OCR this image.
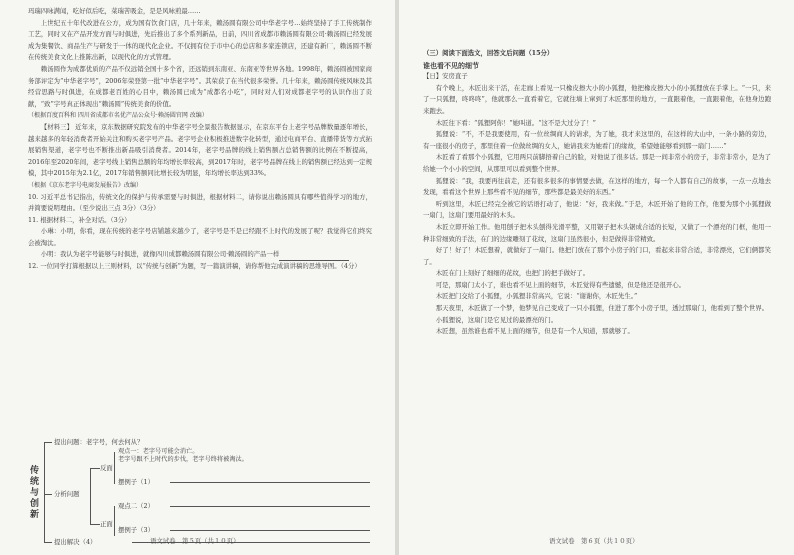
玛瑞四咏满闻，吃好似后吃，菜瑞苦吸金，是是风咏煎最……

上世纪五十年代改进在公方，成为国有饮食门店，几十年来，赖汤圆有限公司中华老字号…始终坚持了手工传统制作工艺，同时又在产品开发方面与时俱进，先后推出了多个系列新品，日前，四川省成都市赖汤圆有限公司·赖汤圆已经发展成为集餐饮、商品生产与研发于一体的现代化企业。不仅拥有位于市中心的总店和多家连锁店，还建有新厂，赖汤圆不断在传统美食文化上推陈出新，以现代化的方式管理。

赖汤圆作为成都优质的产品不仅远销全国十多个省，还远销到东南亚、东南亚等世界各地。1998年，赖汤圆被国家商务部评定为“中华老字号”，2006年荣登第一批“中华老字号”。其荣获了在当代很多荣誉。几十年来，赖汤圆传统风味及其经营思路与时俱进，在成都老百姓的心目中，赖汤圆已成为“成都名小吃”，同时对人们对成都老字号的认识作出了贡献，“致”字号真正体现出“赖汤圆”传统美食的价值。

（根据百度百科和 四川省成都市名优产品公众号·赖汤圆官网 改编）

【材料三】 近年来，京东数据研究院发布的中华老字号全景报告数据显示，在京东平台上老字号品牌数量逐年增长，越来越多的年轻消费者开始关注和购买老字号产品。老字号企业积极推进数字化转型，通过电商平台、直播带货等方式拓展销售渠道，老字号也不断推出新品吸引消费者。2014年，老字号品牌的线上销售额占总销售额的比例在不断提高，2016年至2020年间，老字号线上销售总额的年均增长率较高，到2017年时，老字号品牌在线上的销售额已经达到一定规模，其中2015年为2.1亿，2017年销售额同比增长较为明显，年均增长率达到33%。

（根据《京东老字号电商发展报告》改编）

10. 习近平总书记指出，传统文化的保护与传承需要与时俱进，根据材料二，请你说出赖汤圆具有哪些值得学习的地方，并简要说明理由。（至少说出三点 3分）（3分）

11. 根据材料二，补全对话。（3分）

小琳：小明，你看，现在传统的老字号店铺越来越少了，老字号是不是已经跟不上时代的发展了呢？我觉得它们终究会被淘汰。

小明：我认为老字号能够与时俱进，就像四川成都赖汤圆有限公司·赖汤圆的产品一样

12. 一位同学打算根据以上三则材料，以“传统与创新”为题，写一篇演讲稿，请你帮他完成演讲稿的思维导图。（4分）

传统与创新
提出问题：老字号，何去何从？
分析问题
提出解决（4）
反面
正面
观点一：老字号可能会消亡。
老字号跟不上时代的步伐，老字号终将被淘汰。
摆例子（1）
观点二（2）
摆例子（3）
语文试卷　第５页（共１０页）

（三）阅读下面选文，回答文后问题（15分）

谁也看不见的细节

【日】安房直子

有个晚上，木匠出来干活，在走廊上看见一只橡皮擦大小的小狐狸，他把橡皮擦大小的小狐狸放在手掌上。“一只，来了一只狐狸，咚咚咚”，他就那么一直看着它，它就往墙上窜到了木匠那里的地方，一直跟着他，一直跟着他，在他身边跑来跑去。

木匠往下看：“狐狸阿你！”她叫道。“这不是大过分了！”

狐狸说：“不，不是我要使用，有一位丝绸商人的请求，为了她，我才来这里的，在这样的大山中，一条小路的旁边，有一座很小的房子，那里住着一位做丝绸的女人，她请我来为她看门的缘故，希望她能够看到那一扇门……”

木匠看了看那个小狐狸，它用两只前脚捂着自己的脸，对他说了很多话。那是一间非常小的房子，非常非常小，是为了给她一个小小的空间，从那里可以看到整个世界。

狐狸说：“我，我要再往前走，还有很多很多的事情要去做，在这样的地方，每一个人都有自己的故事，一点一点地去发现，看看这个世界上那些看不见的细节，那些都是最美好的东西。”

听到这里，木匠已经完全被它的话语打动了，他说：“好，我来做。”于是，木匠开始了他的工作，他要为那个小狐狸做一扇门，这扇门要用最好的木头。

木匠立即开始工作。他用刨子把木头刨得光滑平整，又用锯子把木头锯成合适的长短，又做了一个漂亮的门框，他用一种非常细致的手法，在门的边缘雕刻了花纹，这扇门虽然很小，但是做得非常精致。

好了！好了！木匠想着，就做好了一扇门。他把门放在了那个小房子的门口，看起来非常合适，非常漂亮，它们俩都笑了。

木匠在门上刻好了细细的花纹，也把门的把手做好了。

可是，那扇门太小了，谁也看不见上面的细节，木匠觉得有些遗憾，但是他还是很开心。

木匠把门交给了小狐狸，小狐狸非常高兴，它说：“谢谢你，木匠先生。”

那天夜里，木匠做了一个梦，他梦见自己变成了一只小狐狸，住进了那个小房子里，透过那扇门，他看到了整个世界。

小狐狸说，这扇门是它见过的最漂亮的门。

木匠想，虽然谁也看不见上面的细节，但是有一个人知道，那就够了。

语文试卷　第６页（共１０页）
